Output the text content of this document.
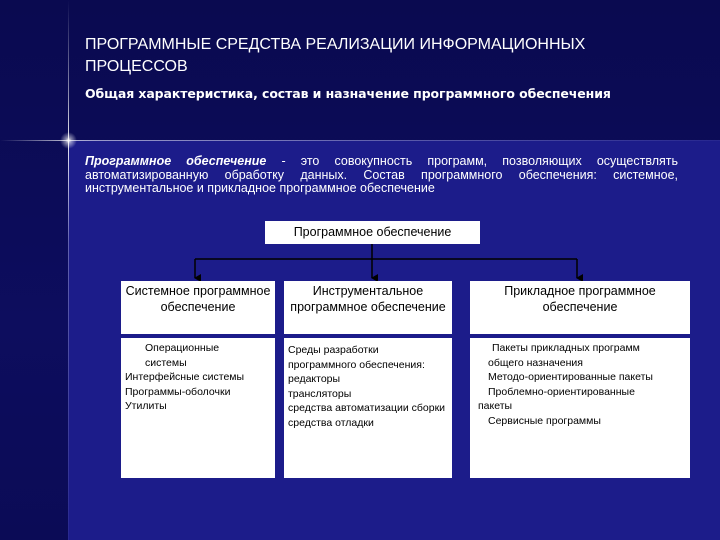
ПРОГРАММНЫЕ СРЕДСТВА РЕАЛИЗАЦИИ ИНФОРМАЦИОННЫХ ПРОЦЕССОВ
Общая характеристика, состав и назначение программного обеспечения
Программное обеспечение - это совокупность программ, позволяющих осуществлять автоматизированную обработку данных. Состав программного обеспечения: системное, инструментальное и прикладное программное обеспечение
Программное обеспечение
Системное программное обеспечение
Инструментальное программное обеспечение
Прикладное программное обеспечение
Операционные
системы
Интерфейсные системы
Программы-оболочки
Утилиты
Среды разработки программного обеспечения:
редакторы
трансляторы
средства автоматизации сборки
средства отладки
Пакеты прикладных программ
общего назначения
Методо-ориентированные пакеты
Проблемно-ориентированные
пакеты
Сервисные программы
